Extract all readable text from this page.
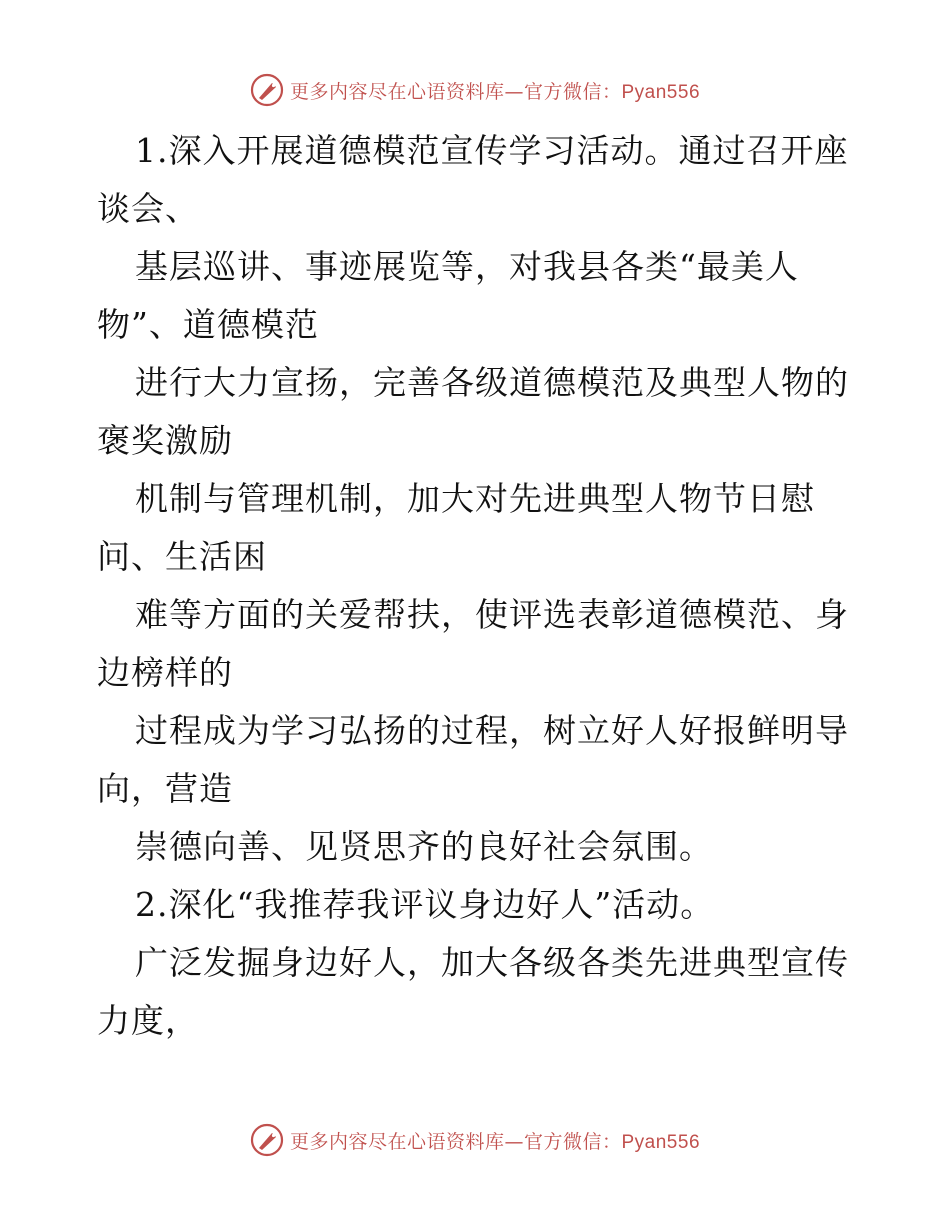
更多内容尽在心语资料库—官方微信：Pyan556

1.深入开展道德模范宣传学习活动。通过召开座谈会、

基层巡讲、事迹展览等，对我县各类“最美人物”、道德模范

进行大力宣扬，完善各级道德模范及典型人物的褒奖激励

机制与管理机制，加大对先进典型人物节日慰问、生活困

难等方面的关爱帮扶，使评选表彰道德模范、身边榜样的

过程成为学习弘扬的过程，树立好人好报鲜明导向，营造

崇德向善、见贤思齐的良好社会氛围。

2.深化“我推荐我评议身边好人”活动。

广泛发掘身边好人，加大各级各类先进典型宣传力度，

更多内容尽在心语资料库—官方微信：Pyan556
